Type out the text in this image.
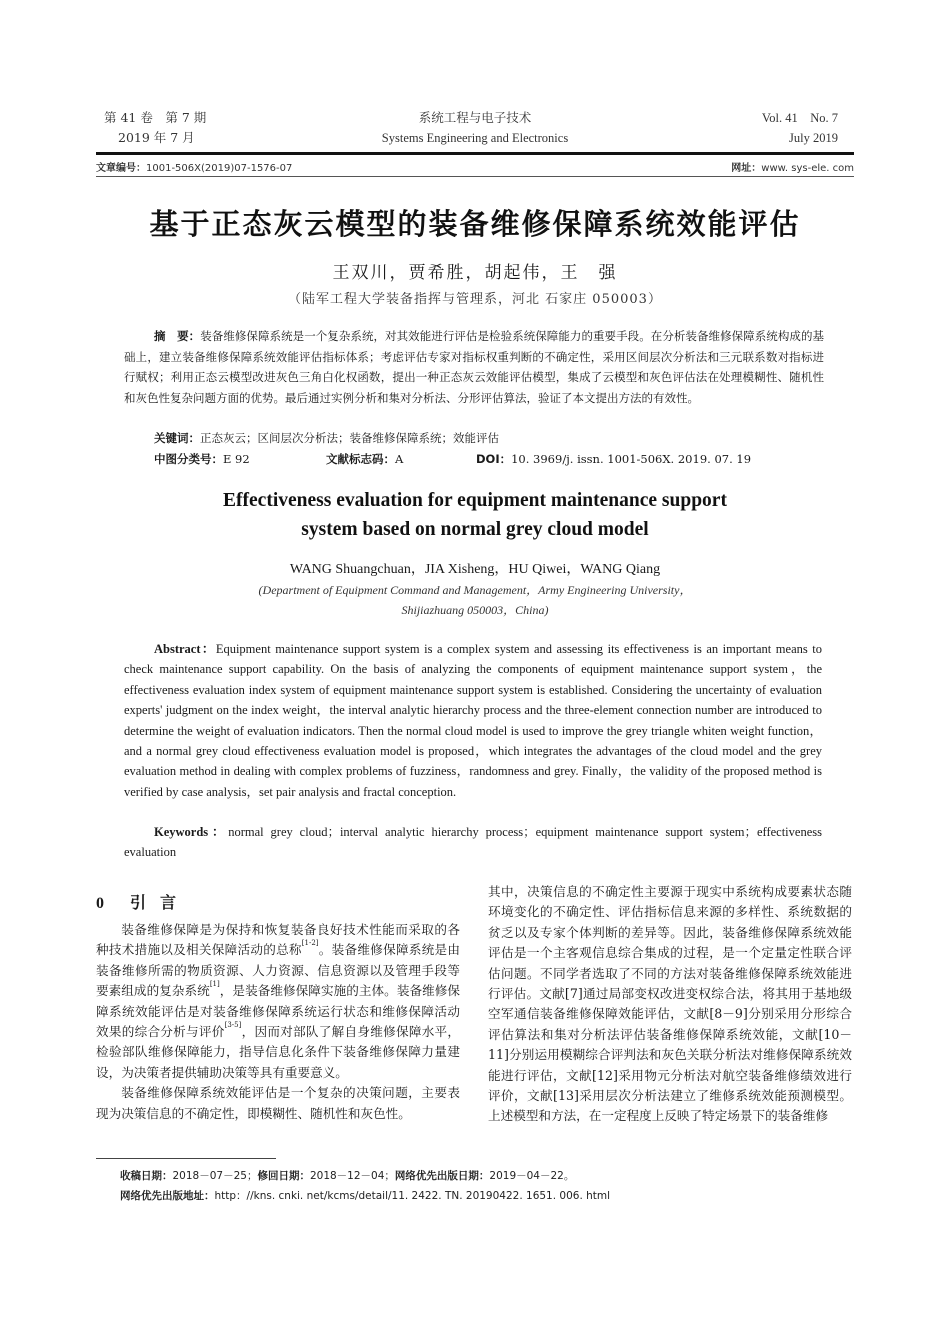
第 41 卷　第 7 期
2019 年 7 月
系统工程与电子技术
Systems Engineering and Electronics
Vol. 41　No. 7
July 2019
文章编号：1001-506X(2019)07-1576-07	网址：www. sys-ele. com
基于正态灰云模型的装备维修保障系统效能评估
王双川，贾希胜，胡起伟，王　强
（陆军工程大学装备指挥与管理系，河北 石家庄 050003）
摘　要：装备维修保障系统是一个复杂系统，对其效能进行评估是检验系统保障能力的重要手段。在分析装备维修保障系统构成的基础上，建立装备维修保障系统效能评估指标体系；考虑评估专家对指标权重判断的不确定性，采用区间层次分析法和三元联系数对指标进行赋权；利用正态云模型改进灰色三角白化权函数，提出一种正态灰云效能评估模型，集成了云模型和灰色评估法在处理模糊性、随机性和灰色性复杂问题方面的优势。最后通过实例分析和集对分析法、分形评估算法，验证了本文提出方法的有效性。
关键词：正态灰云；区间层次分析法；装备维修保障系统；效能评估
中图分类号：E 92	文献标志码：A	DOI：10. 3969/j. issn. 1001-506X. 2019. 07. 19
Effectiveness evaluation for equipment maintenance support
system based on normal grey cloud model
WANG Shuangchuan，JIA Xisheng，HU Qiwei，WANG Qiang
(Department of Equipment Command and Management，Army Engineering University，
Shijiazhuang 050003，China)
Abstract：Equipment maintenance support system is a complex system and assessing its effectiveness is an important means to check maintenance support capability. On the basis of analyzing the components of equipment maintenance support system，the effectiveness evaluation index system of equipment maintenance support system is established. Considering the uncertainty of evaluation experts' judgment on the index weight，the interval analytic hierarchy process and the three-element connection number are introduced to determine the weight of evaluation indicators. Then the normal cloud model is used to improve the grey triangle whiten weight function，and a normal grey cloud effectiveness evaluation model is proposed，which integrates the advantages of the cloud model and the grey evaluation method in dealing with complex problems of fuzziness，randomness and grey. Finally，the validity of the proposed method is verified by case analysis，set pair analysis and fractal conception.
Keywords：normal grey cloud；interval analytic hierarchy process；equipment maintenance support system；effectiveness evaluation
0 引言

装备维修保障是为保持和恢复装备良好技术性能而采取的各种技术措施以及相关保障活动的总称[1-2]。装备维修保障系统是由装备维修所需的物质资源、人力资源、信息资源以及管理手段等要素组成的复杂系统[1]，是装备维修保障实施的主体。装备维修保障系统效能评估是对装备维修保障系统运行状态和维修保障活动效果的综合分析与评价[3-5]，因而对部队了解自身维修保障水平，检验部队维修保障能力，指导信息化条件下装备维修保障力量建设，为决策者提供辅助决策等具有重要意义。

装备维修保障系统效能评估是一个复杂的决策问题，主要表现为决策信息的不确定性，即模糊性、随机性和灰色性。

其中，决策信息的不确定性主要源于现实中系统构成要素状态随环境变化的不确定性、评估指标信息来源的多样性、系统数据的贫乏以及专家个体判断的差异等。因此，装备维修保障系统效能评估是一个主客观信息综合集成的过程，是一个定量定性联合评估问题。不同学者选取了不同的方法对装备维修保障系统效能进行评估。文献[7]通过局部变权改进变权综合法，将其用于基地级空军通信装备维修保障效能评估，文献[8－9]分别采用分形综合评估算法和集对分析法评估装备维修保障系统效能，文献[10－11]分别运用模糊综合评判法和灰色关联分析法对维修保障系统效能进行评估，文献[12]采用物元分析法对航空装备维修绩效进行评价，文献[13]采用层次分析法建立了维修系统效能预测模型。上述模型和方法，在一定程度上反映了特定场景下的装备维修

收稿日期：2018－07－25；修回日期：2018－12－04；网络优先出版日期：2019－04－22。
网络优先出版地址：http：//kns. cnki. net/kcms/detail/11. 2422. TN. 20190422. 1651. 006. html
